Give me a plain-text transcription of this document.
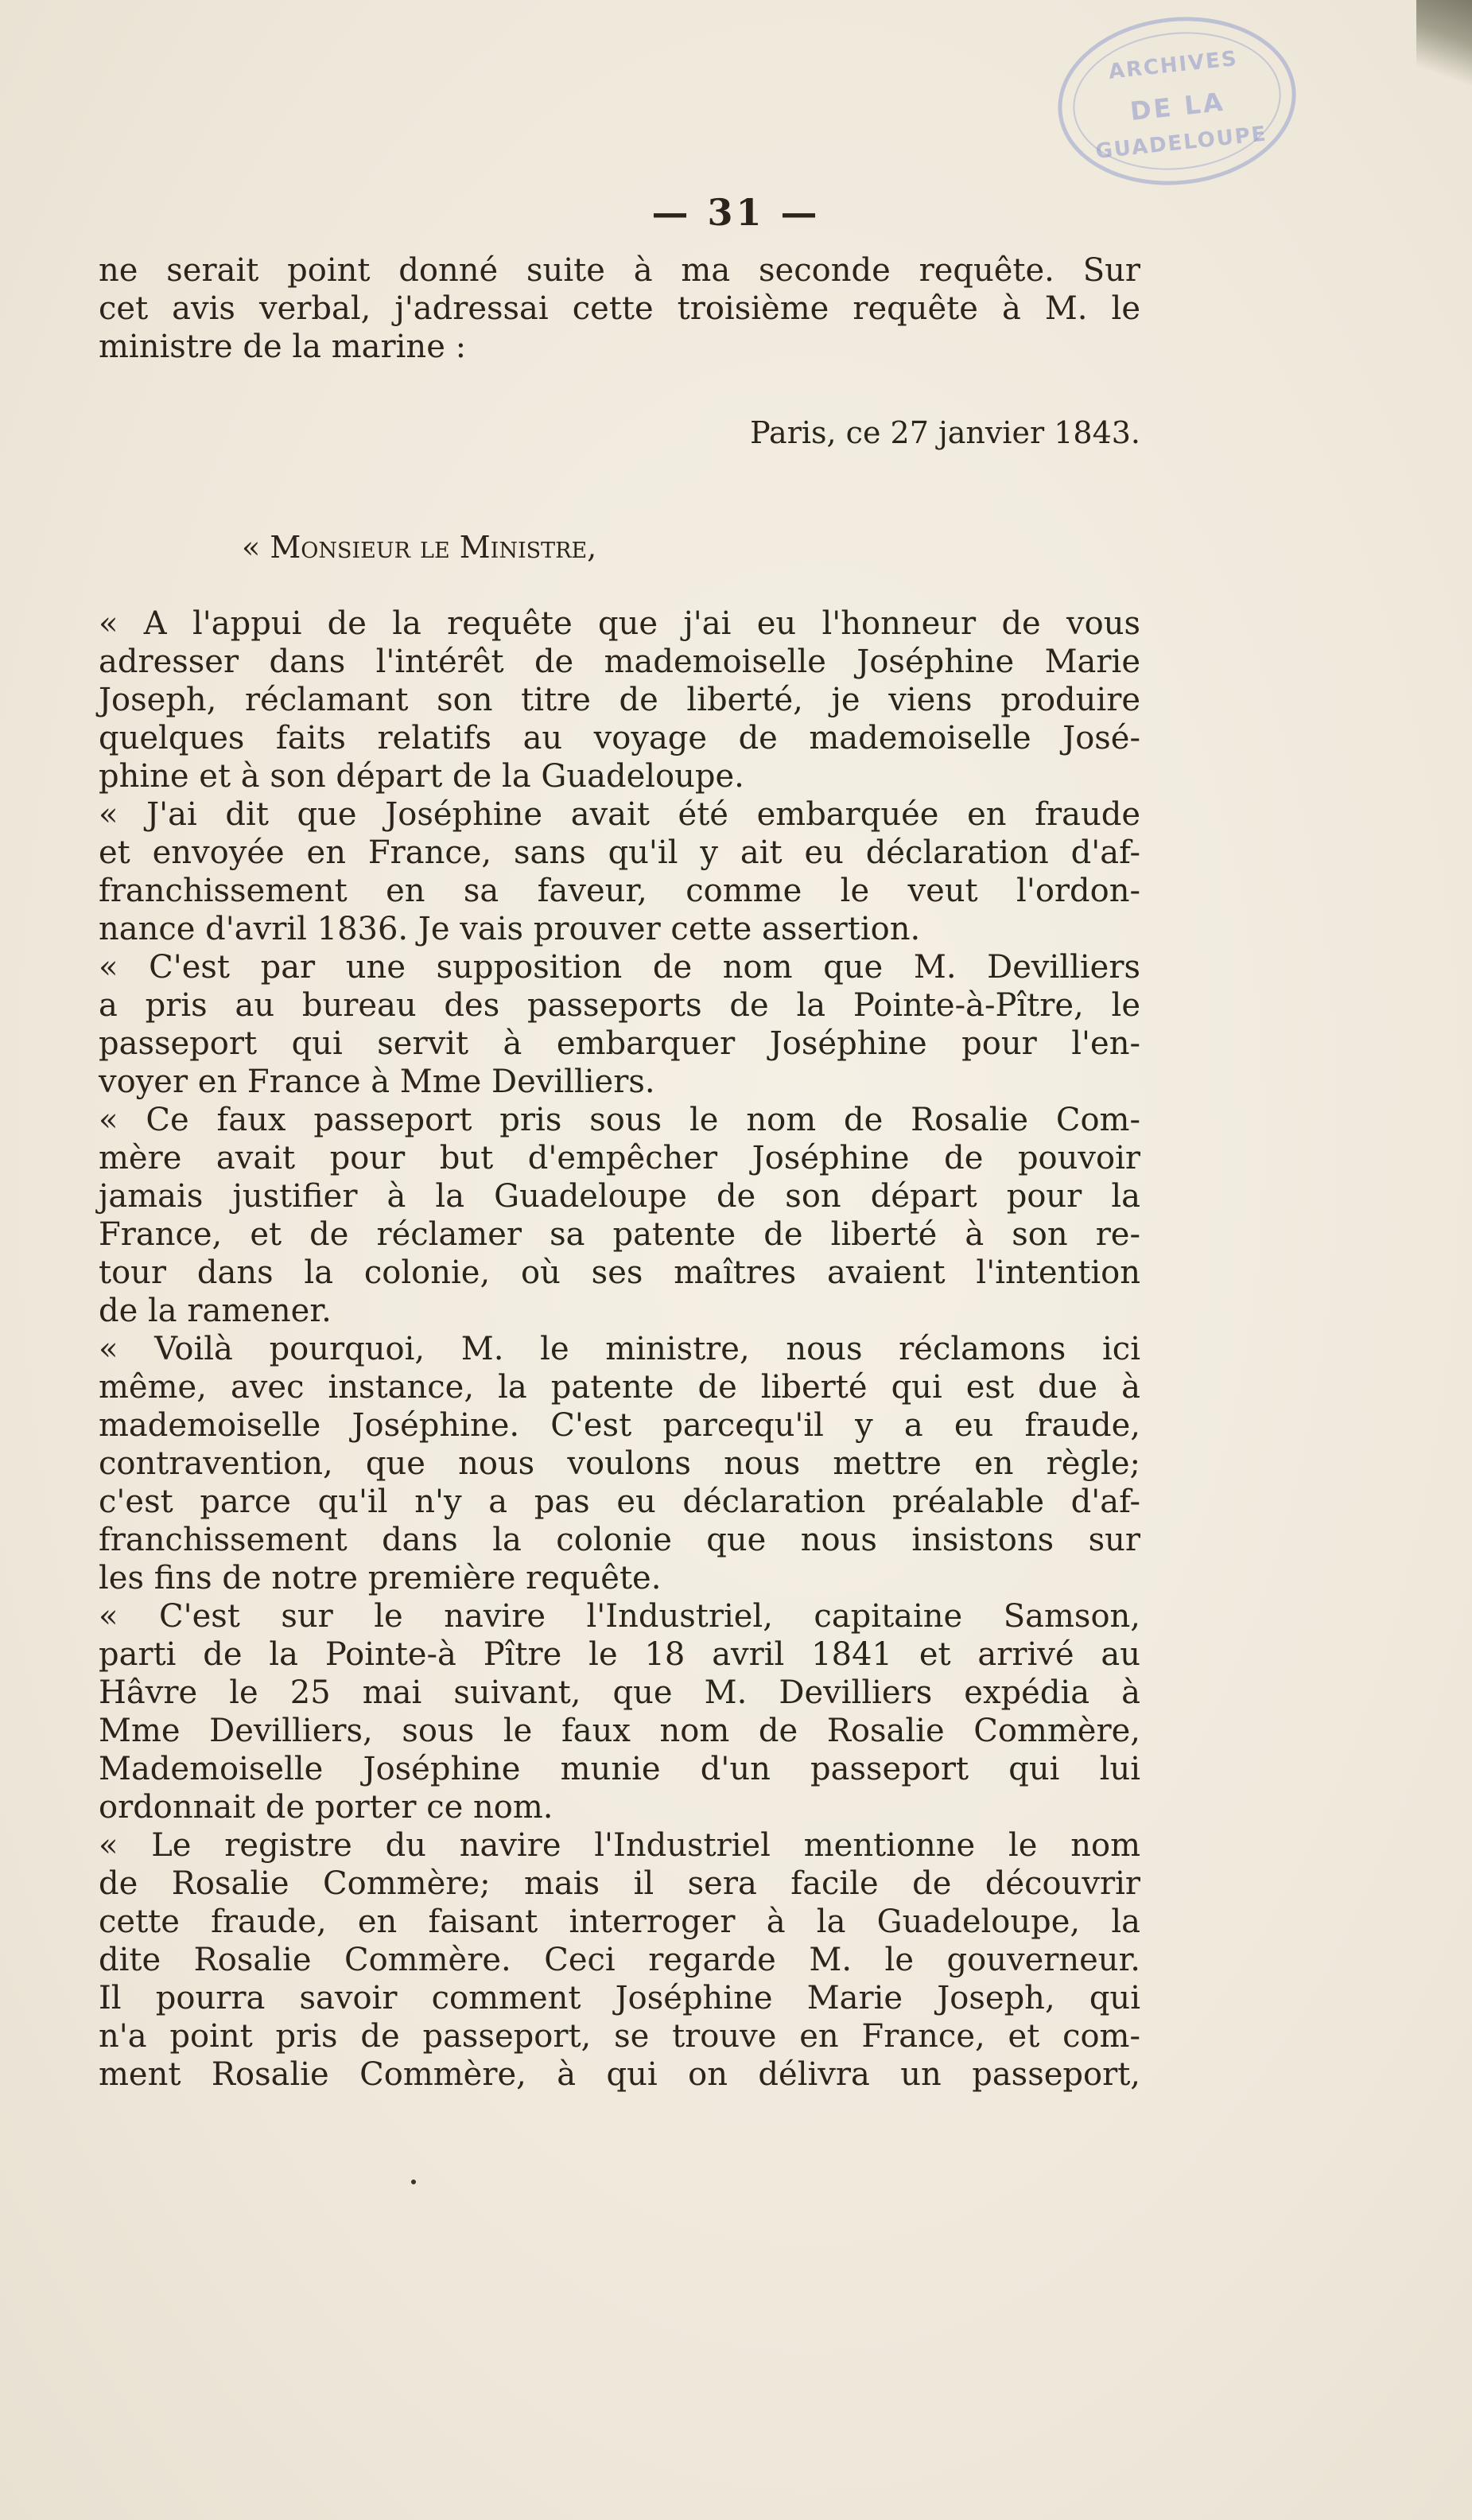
ARCHIVES
DE LA
GUADELOUPE
— 31 —
ne serait point donné suite à ma seconde requête. Sur
cet avis verbal, j'adressai cette troisième requête à M. le
ministre de la marine :
Paris, ce 27 janvier 1843.
« Monsieur le Ministre,
« A l'appui de la requête que j'ai eu l'honneur de vous
adresser dans l'intérêt de mademoiselle Joséphine Marie
Joseph, réclamant son titre de liberté, je viens produire
quelques faits relatifs au voyage de mademoiselle José-
phine et à son départ de la Guadeloupe.
« J'ai dit que Joséphine avait été embarquée en fraude
et envoyée en France, sans qu'il y ait eu déclaration d'af-
franchissement en sa faveur, comme le veut l'ordon-
nance d'avril 1836. Je vais prouver cette assertion.
« C'est par une supposition de nom que M. Devilliers
a pris au bureau des passeports de la Pointe-à-Pître, le
passeport qui servit à embarquer Joséphine pour l'en-
voyer en France à Mme Devilliers.
« Ce faux passeport pris sous le nom de Rosalie Com-
mère avait pour but d'empêcher Joséphine de pouvoir
jamais justifier à la Guadeloupe de son départ pour la
France, et de réclamer sa patente de liberté à son re-
tour dans la colonie, où ses maîtres avaient l'intention
de la ramener.
« Voilà pourquoi, M. le ministre, nous réclamons ici
même, avec instance, la patente de liberté qui est due à
mademoiselle Joséphine. C'est parcequ'il y a eu fraude,
contravention, que nous voulons nous mettre en règle;
c'est parce qu'il n'y a pas eu déclaration préalable d'af-
franchissement dans la colonie que nous insistons sur
les fins de notre première requête.
« C'est sur le navire l'Industriel, capitaine Samson,
parti de la Pointe-à Pître le 18 avril 1841 et arrivé au
Hâvre le 25 mai suivant, que M. Devilliers expédia à
Mme Devilliers, sous le faux nom de Rosalie Commère,
Mademoiselle Joséphine munie d'un passeport qui lui
ordonnait de porter ce nom.
« Le registre du navire l'Industriel mentionne le nom
de Rosalie Commère; mais il sera facile de découvrir
cette fraude, en faisant interroger à la Guadeloupe, la
dite Rosalie Commère. Ceci regarde M. le gouverneur.
Il pourra savoir comment Joséphine Marie Joseph, qui
n'a point pris de passeport, se trouve en France, et com-
ment Rosalie Commère, à qui on délivra un passeport,
